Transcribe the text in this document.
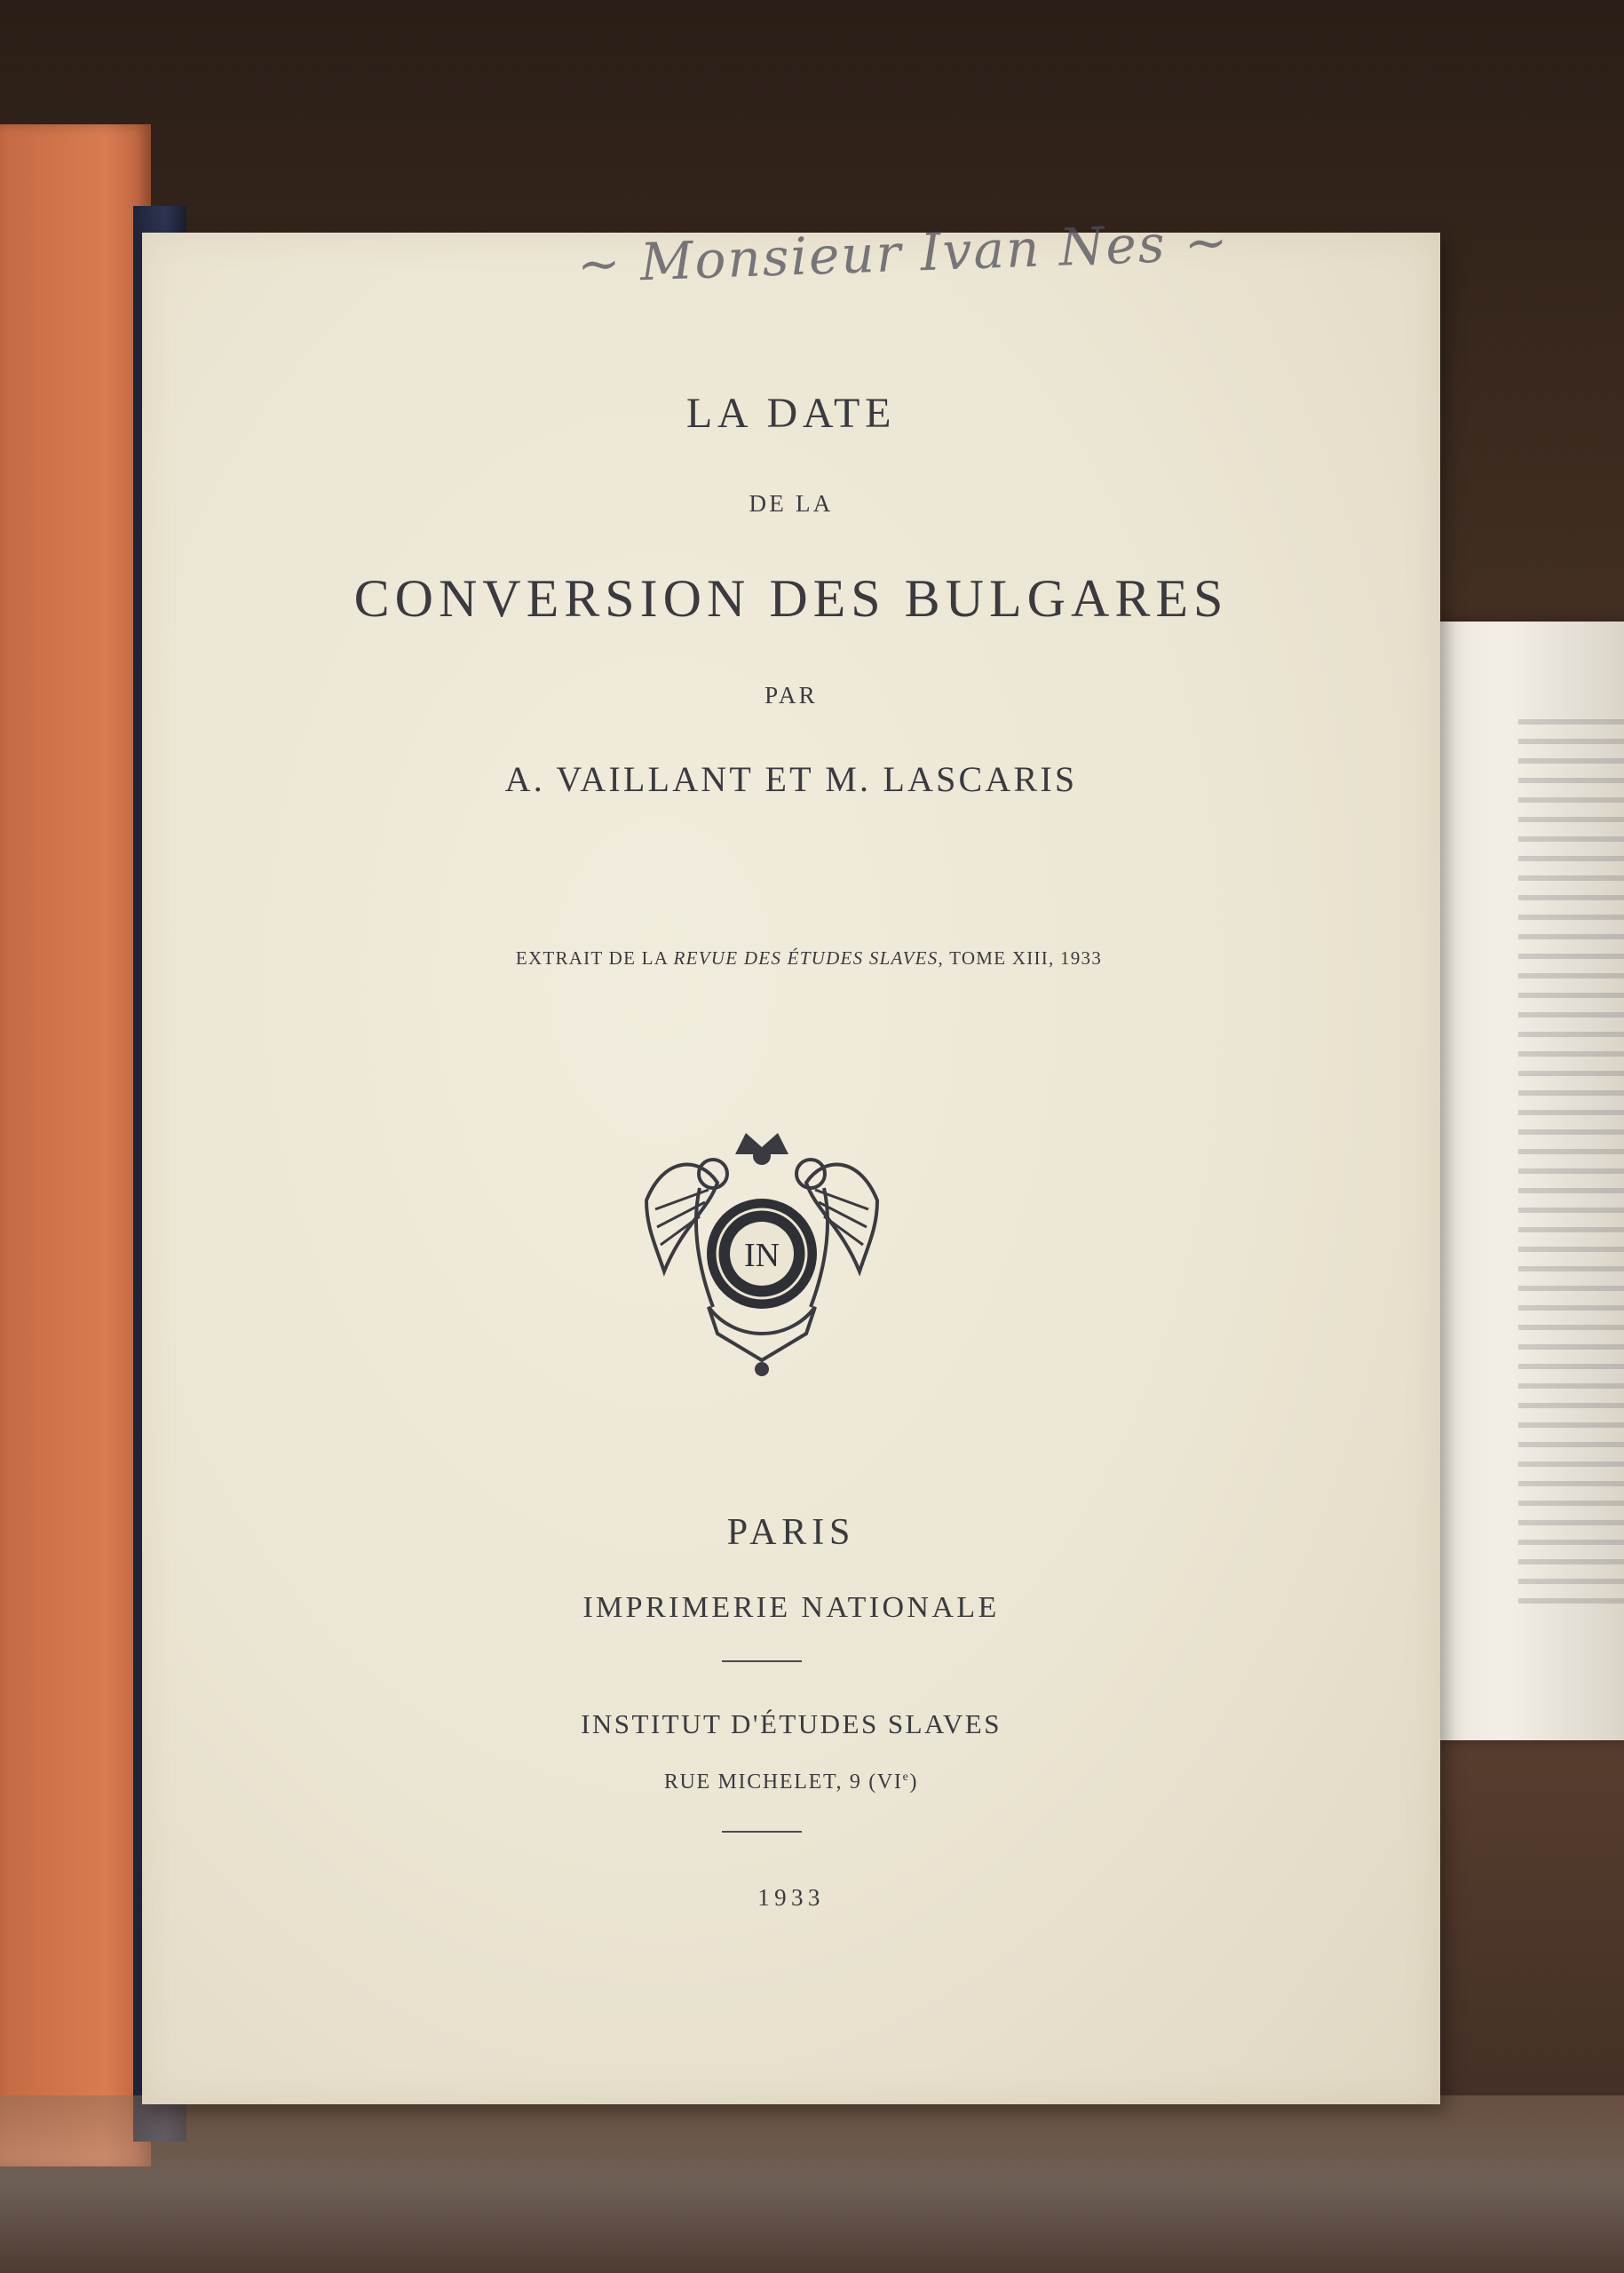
~ Monsieur Ivan Nes ~
LA DATE
DE LA
CONVERSION DES BULGARES
PAR
A. VAILLANT ET M. LASCARIS
EXTRAIT DE LA REVUE DES ÉTUDES SLAVES, TOME XIII, 1933
IN
PARIS
IMPRIMERIE NATIONALE
INSTITUT D'ÉTUDES SLAVES
RUE MICHELET, 9 (VIe)
1933
